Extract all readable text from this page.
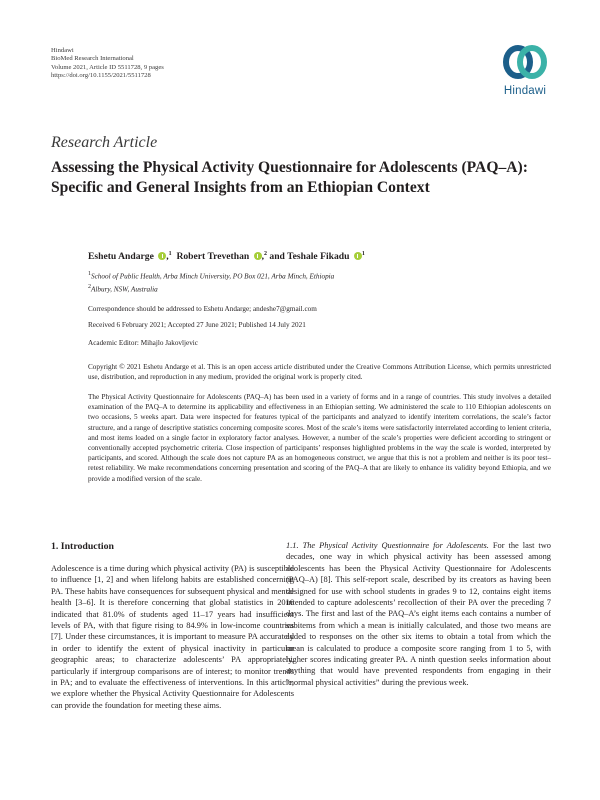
Hindawi
BioMed Research International
Volume 2021, Article ID 5511728, 9 pages
https://doi.org/10.1155/2021/5511728
Hindawi
Research Article
Assessing the Physical Activity Questionnaire for Adolescents (PAQ–A): Specific and General Insights from an Ethiopian Context
Eshetu Andarge ,$^1$ Robert Trevethan ,$^2$ and Teshale Fikadu $^1$
$^1$School of Public Health, Arba Minch University, PO Box 021, Arba Minch, Ethiopia
$^2$Albury, NSW, Australia
Correspondence should be addressed to Eshetu Andarge; andeshe7@gmail.com
Received 6 February 2021; Accepted 27 June 2021; Published 14 July 2021
Academic Editor: Mihajlo Jakovljevic
Copyright © 2021 Eshetu Andarge et al. This is an open access article distributed under the Creative Commons Attribution License, which permits unrestricted use, distribution, and reproduction in any medium, provided the original work is properly cited.
The Physical Activity Questionnaire for Adolescents (PAQ–A) has been used in a variety of forms and in a range of countries. This study involves a detailed examination of the PAQ–A to determine its applicability and effectiveness in an Ethiopian setting. We administered the scale to 110 Ethiopian adolescents on two occasions, 5 weeks apart. Data were inspected for features typical of the participants and analyzed to identify interitem correlations, the scale’s factor structure, and a range of descriptive statistics concerning composite scores. Most of the scale’s items were satisfactorily interrelated according to lenient criteria, and most items loaded on a single factor in exploratory factor analyses. However, a number of the scale’s properties were deficient according to stringent or conventionally accepted psychometric criteria. Close inspection of participants’ responses highlighted problems in the way the scale is worded, interpreted by participants, and scored. Although the scale does not capture PA as an homogeneous construct, we argue that this is not a problem and neither is its poor test–retest reliability. We make recommendations concerning presentation and scoring of the PAQ–A that are likely to enhance its validity beyond Ethiopia, and we provide a modified version of the scale.
1. Introduction
Adolescence is a time during which physical activity (PA) is susceptible to influence [1, 2] and when lifelong habits are established concerning PA. These habits have consequences for subsequent physical and mental health [3–6]. It is therefore concerning that global statistics in 2016 indicated that 81.0% of students aged 11–17 years had insufficient levels of PA, with that figure rising to 84.9% in low-income countries [7]. Under these circumstances, it is important to measure PA accurately in order to identify the extent of physical inactivity in particular geographic areas; to characterize adolescents’ PA appropriately, particularly if intergroup comparisons are of interest; to monitor trends in PA; and to evaluate the effectiveness of interventions. In this article, we explore whether the Physical Activity Questionnaire for Adolescents can provide the foundation for meeting these aims.
1.1. The Physical Activity Questionnaire for Adolescents. For the last two decades, one way in which physical activity has been assessed among adolescents has been the Physical Activity Questionnaire for Adolescents (PAQ–A) [8]. This self-report scale, described by its creators as having been designed for use with school students in grades 9 to 12, contains eight items intended to capture adolescents’ recollection of their PA over the preceding 7 days. The first and last of the PAQ–A’s eight items each contains a number of subitems from which a mean is initially calculated, and those two means are added to responses on the other six items to obtain a total from which the mean is calculated to produce a composite score ranging from 1 to 5, with higher scores indicating greater PA. A ninth question seeks information about anything that would have prevented respondents from engaging in their “normal physical activities” during the previous week.
